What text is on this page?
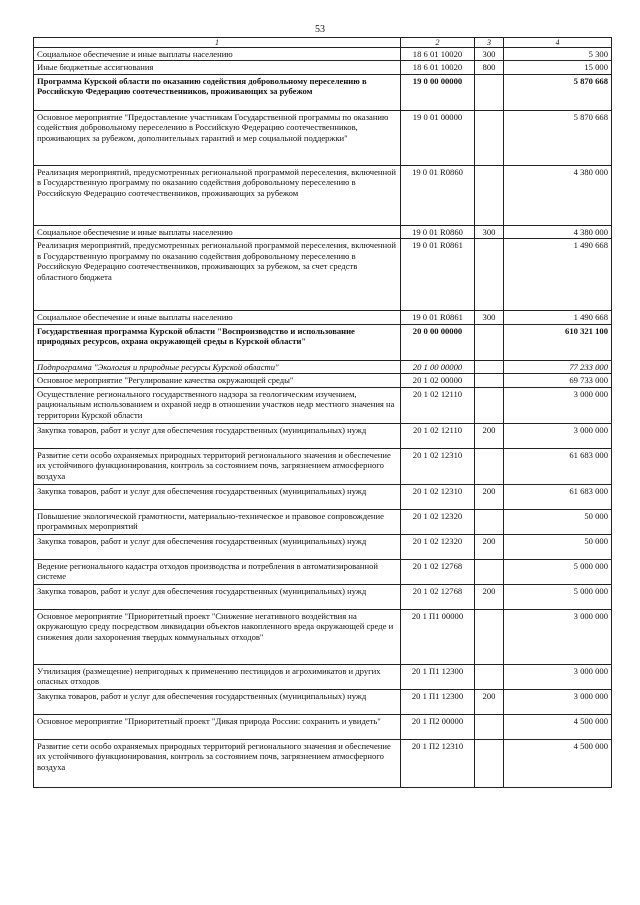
53
1	2	3	4
Социальное обеспечение и иные выплаты населению	18 6 01 10020	300	5 300
Иные бюджетные ассигнования	18 6 01 10020	800	15 000
Программа Курской области по оказанию содействия добровольному переселению в Российскую Федерацию соотечественников, проживающих за рубежом	19 0 00 00000		5 870 668
Основное мероприятие "Предоставление участникам Государственной программы по оказанию содействия добровольному переселению в Российскую Федерацию соотечественников, проживающих за рубежом, дополнительных гарантий и мер социальной поддержки"	19 0 01 00000		5 870 668
Реализация мероприятий, предусмотренных региональной программой переселения, включенной в Государственную программу по оказанию содействия добровольному переселению в Российскую Федерацию соотечественников, проживающих за рубежом	19 0 01 R0860		4 380 000
Социальное обеспечение и иные выплаты населению	19 0 01 R0860	300	4 380 000
Реализация мероприятий, предусмотренных региональной программой переселения, включенной в Государственную программу по оказанию содействия добровольному переселению в Российскую Федерацию соотечественников, проживающих за рубежом, за счет средств областного бюджета	19 0 01 R0861		1 490 668
Социальное обеспечение и иные выплаты населению	19 0 01 R0861	300	1 490 668
Государственная программа Курской области "Воспроизводство и использование природных ресурсов, охрана окружающей среды в Курской области"	20 0 00 00000		610 321 100
Подпрограмма "Экология и природные ресурсы Курской области"	20 1 00 00000		77 233 000
Основное мероприятие "Регулирование качества окружающей среды"	20 1 02 00000		69 733 000
Осуществление регионального государственного надзора за геологическим изучением, рациональным использованием и охраной недр в отношении участков недр местного значения на территории Курской области	20 1 02 12110		3 000 000
Закупка товаров, работ и услуг для обеспечения государственных (муниципальных) нужд	20 1 02 12110	200	3 000 000
Развитие сети особо охраняемых природных территорий регионального значения и обеспечение их устойчивого функционирования, контроль за состоянием почв, загрязнением атмосферного воздуха	20 1 02 12310		61 683 000
Закупка товаров, работ и услуг для обеспечения государственных (муниципальных) нужд	20 1 02 12310	200	61 683 000
Повышение экологической грамотности, материально-техническое и правовое сопровождение программных мероприятий	20 1 02 12320		50 000
Закупка товаров, работ и услуг для обеспечения государственных (муниципальных) нужд	20 1 02 12320	200	50 000
Ведение регионального кадастра отходов производства и потребления в автоматизированной системе	20 1 02 12768		5 000 000
Закупка товаров, работ и услуг для обеспечения государственных (муниципальных) нужд	20 1 02 12768	200	5 000 000
Основное мероприятие "Приоритетный проект "Снижение негативного воздействия на окружающую среду посредством ликвидации объектов накопленного вреда окружающей среде и снижения доли захоронения твердых коммунальных отходов"	20 1 П1 00000		3 000 000
Утилизация (размещение) непригодных к применению пестицидов и агрохимикатов и других опасных отходов	20 1 П1 12300		3 000 000
Закупка товаров, работ и услуг для обеспечения государственных (муниципальных) нужд	20 1 П1 12300	200	3 000 000
Основное мероприятие "Приоритетный проект "Дикая природа России: сохранить и увидеть"	20 1 П2 00000		4 500 000
Развитие сети особо охраняемых природных территорий регионального значения и обеспечение их устойчивого функционирования, контроль за состоянием почв, загрязнением атмосферного воздуха	20 1 П2 12310		4 500 000
